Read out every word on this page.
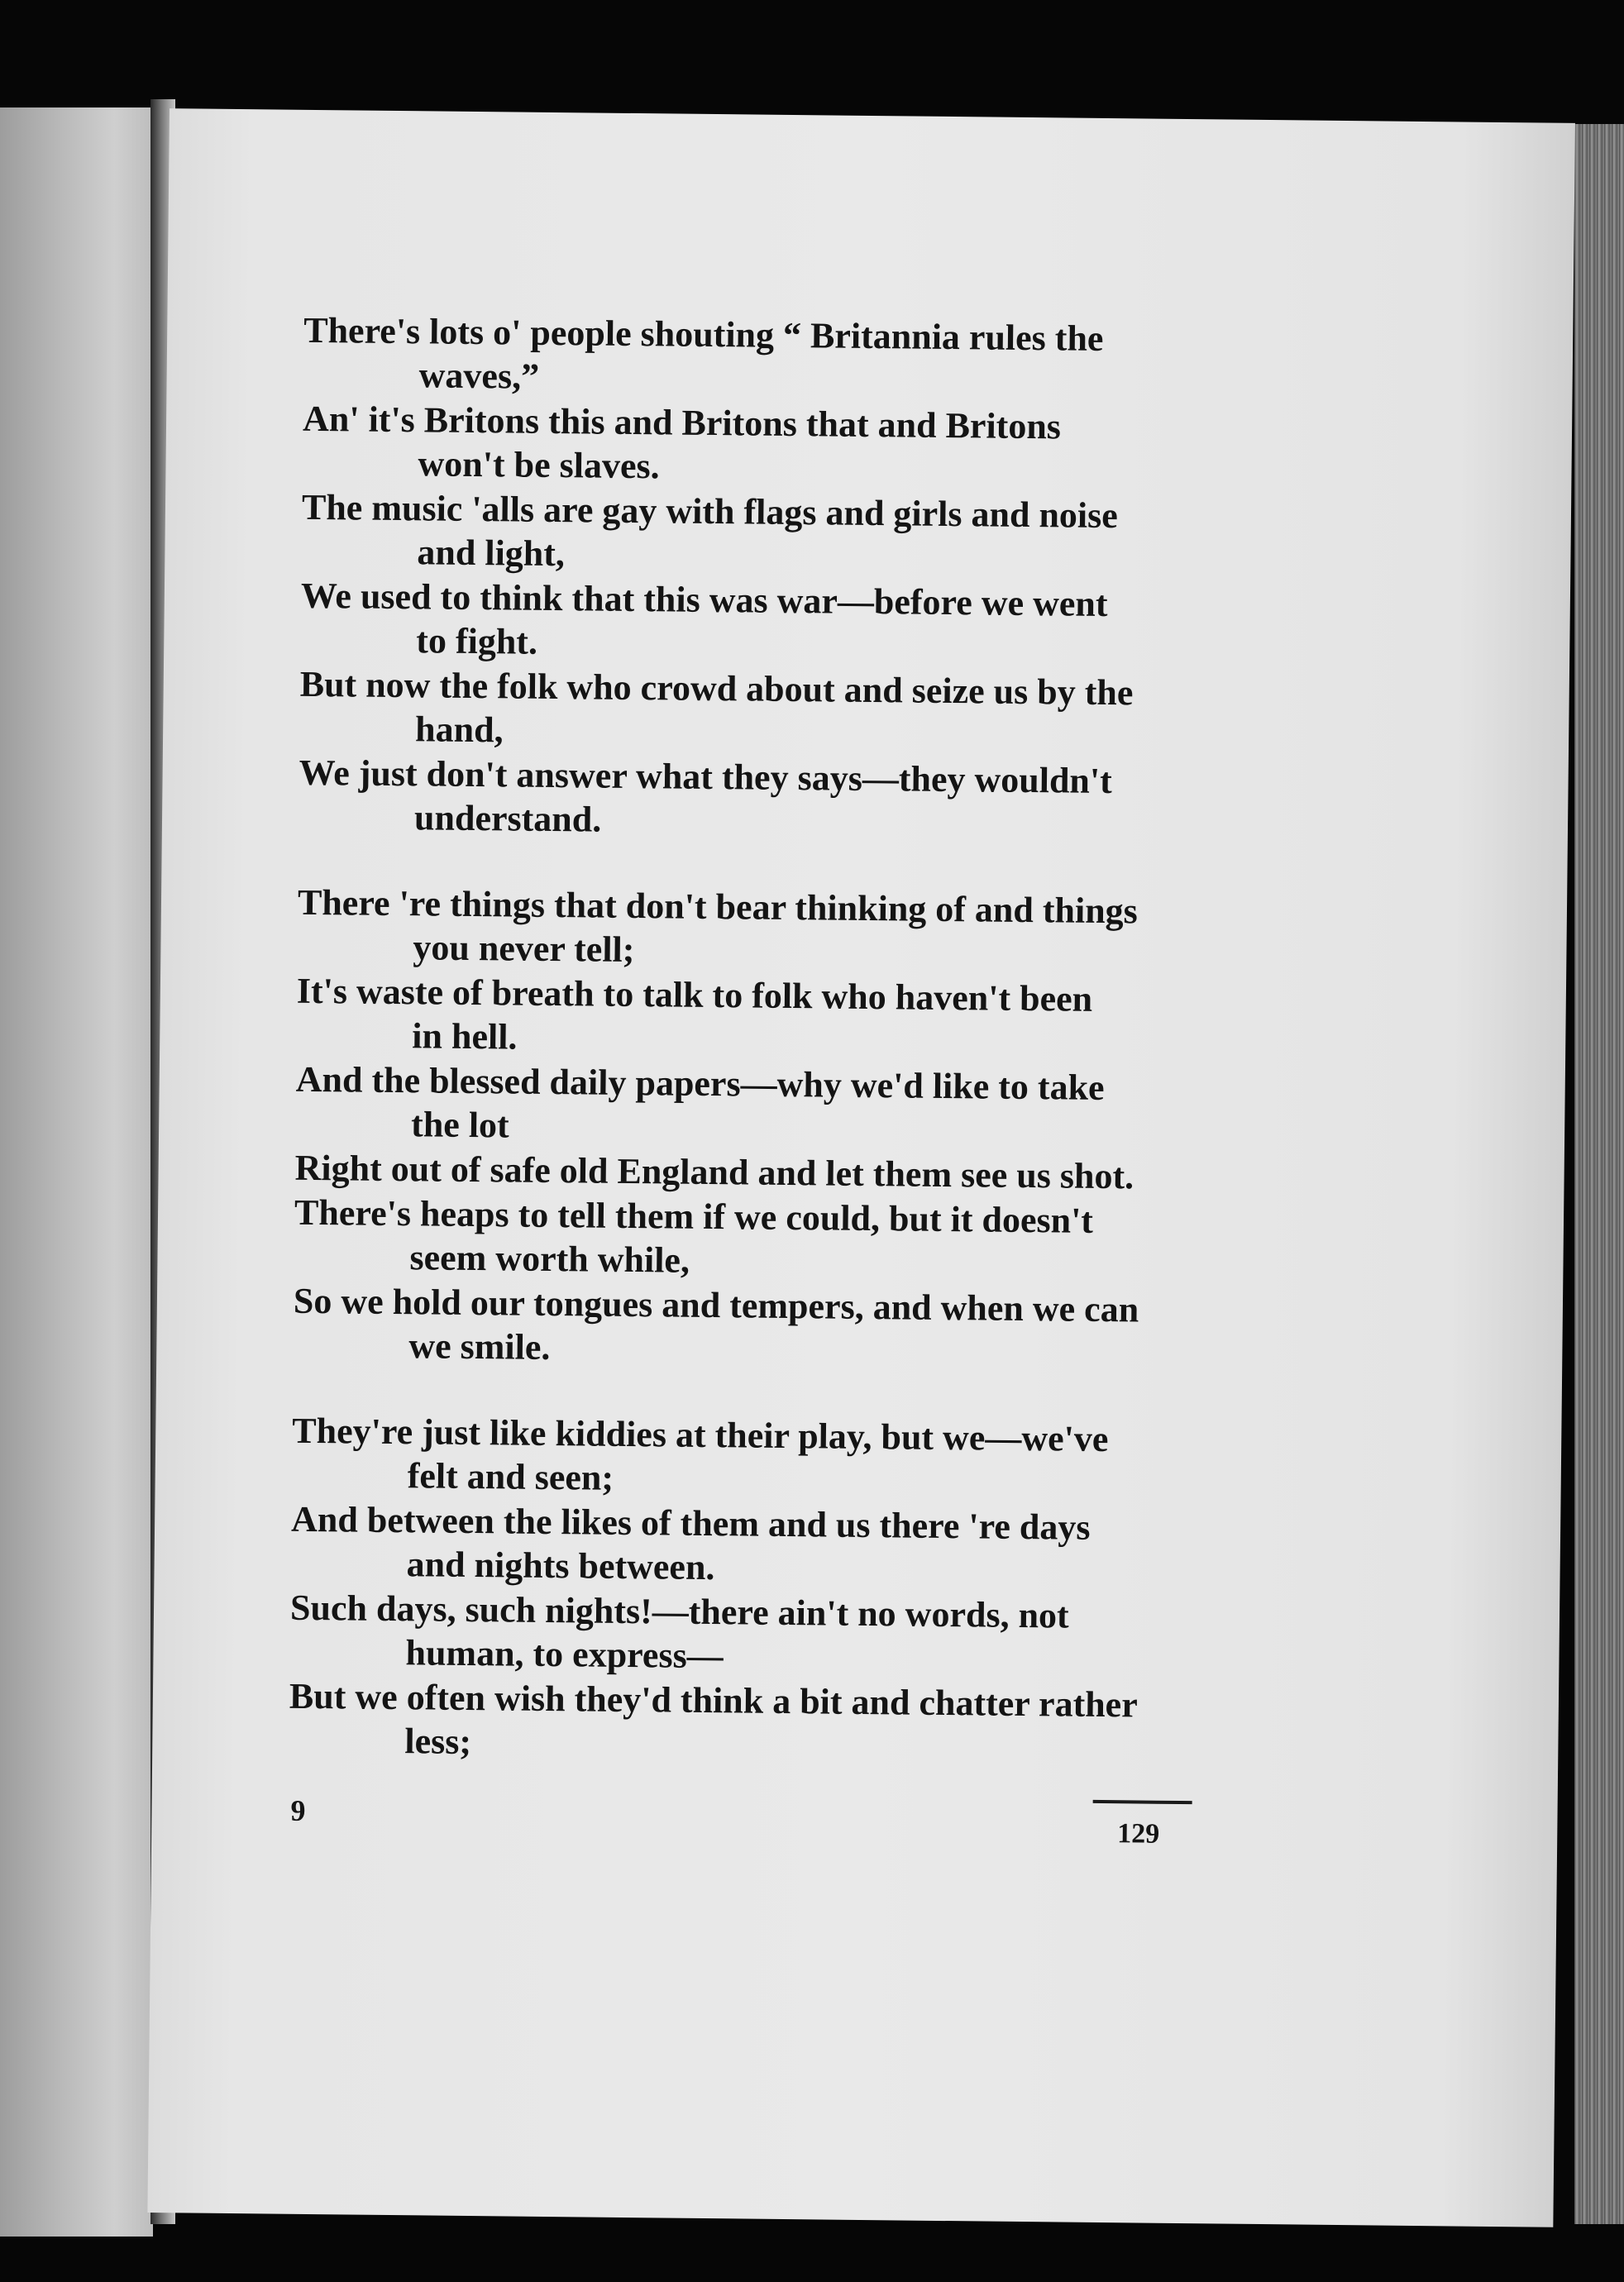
There's lots o' people shouting “ Britannia rules the
waves,”
An' it's Britons this and Britons that and Britons
won't be slaves.
The music 'alls are gay with flags and girls and noise
and light,
We used to think that this was war—before we went
to fight.
But now the folk who crowd about and seize us by the
hand,
We just don't answer what they says—they wouldn't
understand.
There 're things that don't bear thinking of and things
you never tell;
It's waste of breath to talk to folk who haven't been
in hell.
And the blessed daily papers—why we'd like to take
the lot
Right out of safe old England and let them see us shot.
There's heaps to tell them if we could, but it doesn't
seem worth while,
So we hold our tongues and tempers, and when we can
we smile.
They're just like kiddies at their play, but we—we've
felt and seen;
And between the likes of them and us there 're days
and nights between.
Such days, such nights!—there ain't no words, not
human, to express—
But we often wish they'd think a bit and chatter rather
less;
9
129
